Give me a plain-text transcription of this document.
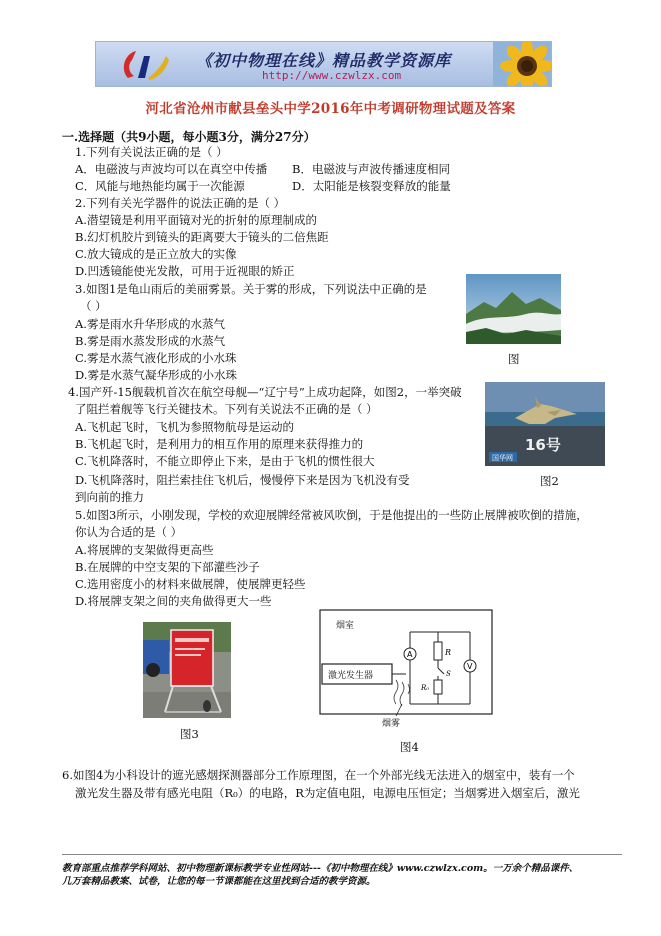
《初中物理在线》精品教学资源库
http://www.czwlzx.com
河北省沧州市献县垒头中学2016年中考调研物理试题及答案
一.选择题（共9小题，每小题3分，满分27分）
1.下列有关说法正确的是（ ）
A．电磁波与声波均可以在真空中传播 B．电磁波与声波传播速度相同
C．风能与地热能均属于一次能源	D．太阳能是核裂变释放的能量
2.下列有关光学器件的说法正确的是（ ）
A.潜望镜是利用平面镜对光的折射的原理制成的
B.幻灯机胶片到镜头的距离要大于镜头的二倍焦距
C.放大镜成的是正立放大的实像
D.凹透镜能使光发散，可用于近视眼的矫正
3.如图1是龟山雨后的美丽雾景。关于雾的形成，下列说法中正确的是
（ ）
A.雾是雨水升华形成的水蒸气
B.雾是雨水蒸发形成的水蒸气
C.雾是水蒸气液化形成的小水珠
D.雾是水蒸气凝华形成的小水珠
图
4.国产歼-15舰载机首次在航空母舰—“辽宁号”上成功起降，如图2，一举突破
了阻拦着舰等飞行关键技术。下列有关说法不正确的是（ ）
A.飞机起飞时，飞机为参照物航母是运动的
B.飞机起飞时，是利用力的相互作用的原理来获得推力的
C.飞机降落时，不能立即停止下来，是由于飞机的惯性很大
D.飞机降落时，阻拦索挂住飞机后，慢慢停下来是因为飞机没有受
到向前的推力
16号
国华网
图2
5.如图3所示，小刚发现，学校的欢迎展牌经常被风吹倒，于是他提出的一些防止展牌被吹倒的措施，
你认为合适的是（ ）
A.将展牌的支架做得更高些
B.在展牌的中空支架的下部灌些沙子
C.选用密度小的材料来做展牌，使展牌更轻些
D.将展牌支架之间的夹角做得更大一些
图3
烟室
激光发生器
A	R
S
R₀
V
烟雾
图4
6.如图4为小科设计的遮光感烟探测器部分工作原理图，在一个外部光线无法进入的烟室中，装有一个
激光发生器及带有感光电阻（R₀）的电路，R为定值电阻，电源电压恒定；当烟雾进入烟室后，激光
教育部重点推荐学科网站、初中物理新课标教学专业性网站---《初中物理在线》www.czwlzx.com。一万余个精品课件、
几万套精品教案、试卷，让您的每一节课都能在这里找到合适的教学资源。
